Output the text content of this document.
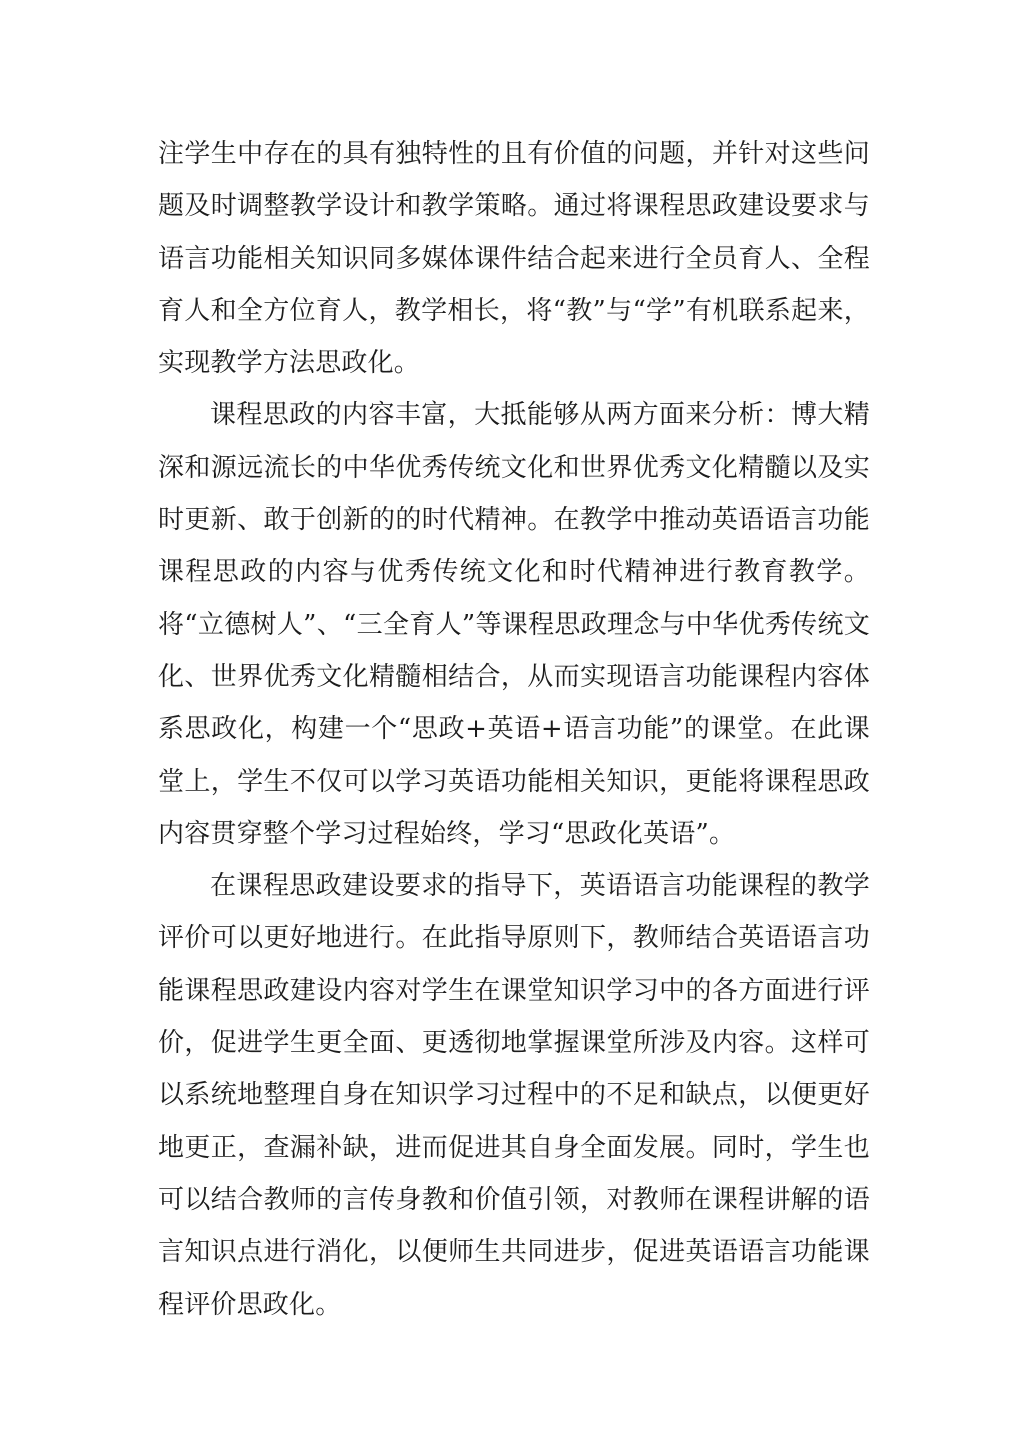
注学生中存在的具有独特性的且有价值的问题，并针对这些问题及时调整教学设计和教学策略。通过将课程思政建设要求与语言功能相关知识同多媒体课件结合起来进行全员育人、全程育人和全方位育人，教学相长，将“教”与“学”有机联系起来，实现教学方法思政化。

课程思政的内容丰富，大抵能够从两方面来分析：博大精深和源远流长的中华优秀传统文化和世界优秀文化精髓以及实时更新、敢于创新的的时代精神。在教学中推动英语语言功能课程思政的内容与优秀传统文化和时代精神进行教育教学。将“立德树人”、“三全育人”等课程思政理念与中华优秀传统文化、世界优秀文化精髓相结合，从而实现语言功能课程内容体系思政化，构建一个“思政+英语+语言功能”的课堂。在此课堂上，学生不仅可以学习英语功能相关知识，更能将课程思政内容贯穿整个学习过程始终，学习“思政化英语”。

在课程思政建设要求的指导下，英语语言功能课程的教学评价可以更好地进行。在此指导原则下，教师结合英语语言功能课程思政建设内容对学生在课堂知识学习中的各方面进行评价，促进学生更全面、更透彻地掌握课堂所涉及内容。这样可以系统地整理自身在知识学习过程中的不足和缺点，以便更好地更正，查漏补缺，进而促进其自身全面发展。同时，学生也可以结合教师的言传身教和价值引领，对教师在课程讲解的语言知识点进行消化，以便师生共同进步，促进英语语言功能课程评价思政化。
